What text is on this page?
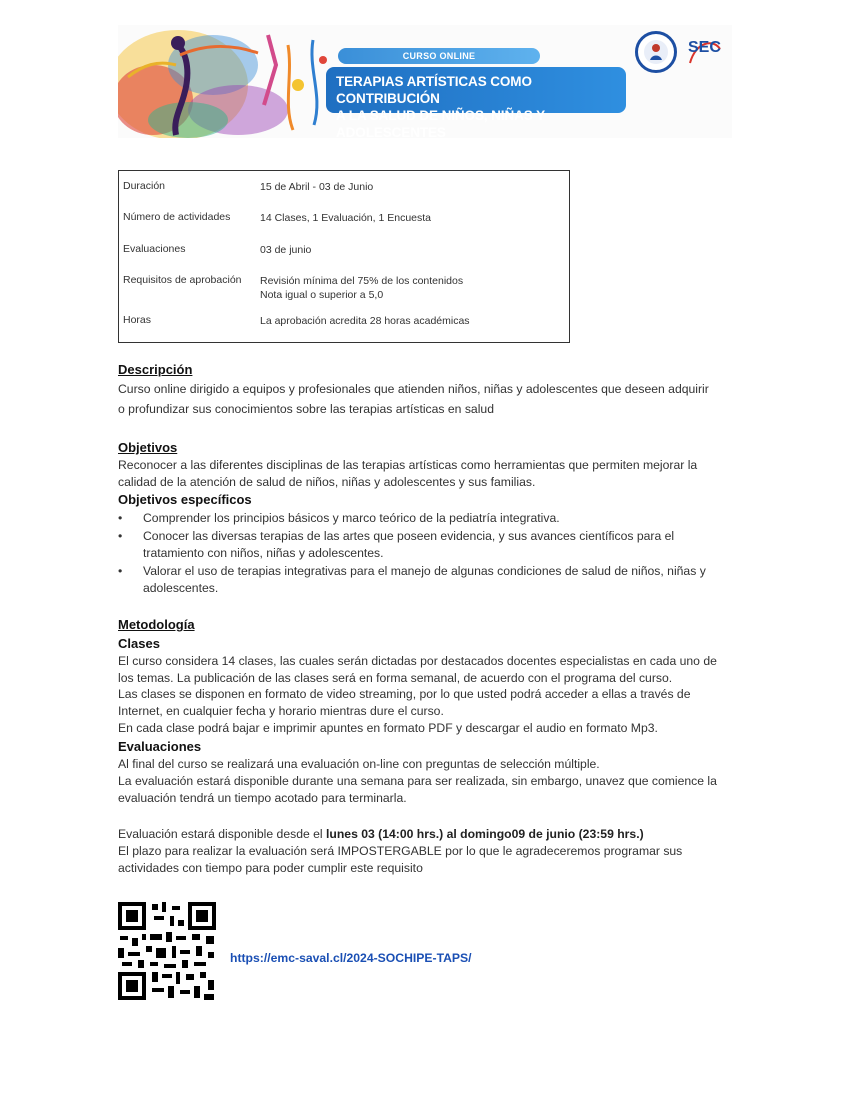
CURSO ONLINE
TERAPIAS ARTÍSTICAS COMO CONTRIBUCIÓN
A LA SALUD DE NIÑOS, NIÑAS Y ADOLESCENTES
SEC
Duración	15 de Abril - 03 de Junio
Número de actividades	14 Clases, 1 Evaluación, 1 Encuesta
Evaluaciones	03 de junio
Requisitos de aprobación	Revisión mínima del 75% de los contenidos
Nota igual o superior a 5,0
Horas	La aprobación acredita 28 horas académicas
Descripción
Curso online dirigido a equipos y profesionales que atienden niños, niñas y adolescentes que deseen adquirir
o profundizar sus conocimientos sobre las terapias artísticas en salud
Objetivos
Reconocer a las diferentes disciplinas de las terapias artísticas como herramientas que permiten mejorar la
calidad de la atención de salud de niños, niñas y adolescentes y sus familias.
Objetivos específicos
• Comprender los principios básicos y marco teórico de la pediatría integrativa.
• Conocer las diversas terapias de las artes que poseen evidencia, y sus avances científicos para el
tratamiento con niños, niñas y adolescentes.
• Valorar el uso de terapias integrativas para el manejo de algunas condiciones de salud de niños, niñas y
adolescentes.
Metodología
Clases
El curso considera 14 clases, las cuales serán dictadas por destacados docentes especialistas en cada uno de
los temas. La publicación de las clases será en forma semanal, de acuerdo con el programa del curso.
Las clases se disponen en formato de video streaming, por lo que usted podrá acceder a ellas a través de
Internet, en cualquier fecha y horario mientras dure el curso.
En cada clase podrá bajar e imprimir apuntes en formato PDF y descargar el audio en formato Mp3.
Evaluaciones
Al final del curso se realizará una evaluación on-line con preguntas de selección múltiple.
La evaluación estará disponible durante una semana para ser realizada, sin embargo, unavez que comience la
evaluación tendrá un tiempo acotado para terminarla.
Evaluación estará disponible desde el lunes 03 (14:00 hrs.) al domingo09 de junio (23:59 hrs.)
El plazo para realizar la evaluación será IMPOSTERGABLE por lo que le agradeceremos programar sus
actividades con tiempo para poder cumplir este requisito
https://emc-saval.cl/2024-SOCHIPE-TAPS/
